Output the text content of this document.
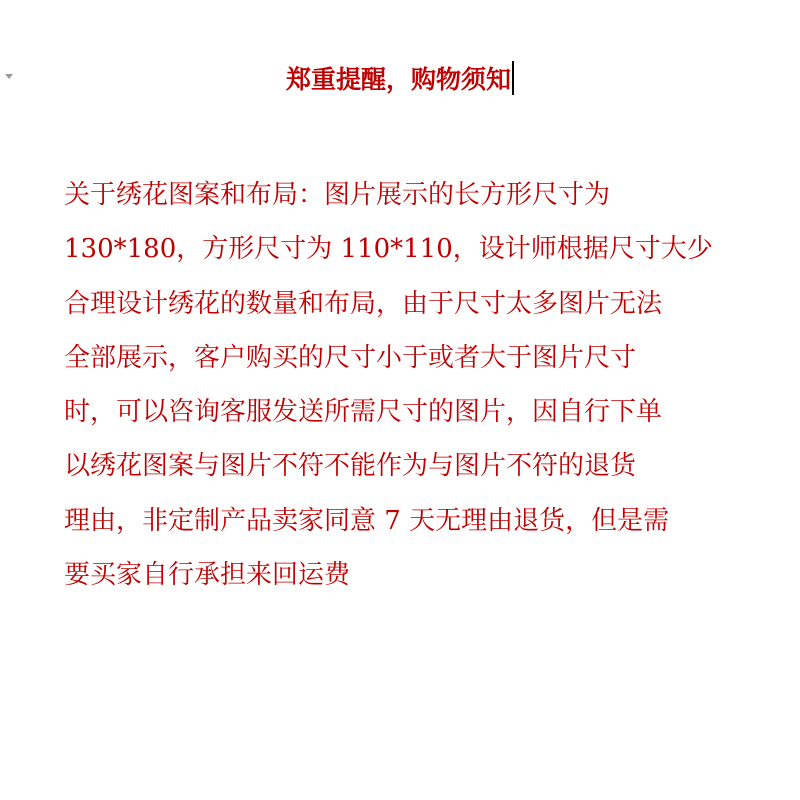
郑重提醒，购物须知
关于绣花图案和布局：图片展示的长方形尺寸为
130*180，方形尺寸为 110*110，设计师根据尺寸大少
合理设计绣花的数量和布局，由于尺寸太多图片无法
全部展示，客户购买的尺寸小于或者大于图片尺寸
时，可以咨询客服发送所需尺寸的图片，因自行下单
以绣花图案与图片不符不能作为与图片不符的退货
理由，非定制产品卖家同意 7 天无理由退货，但是需
要买家自行承担来回运费
